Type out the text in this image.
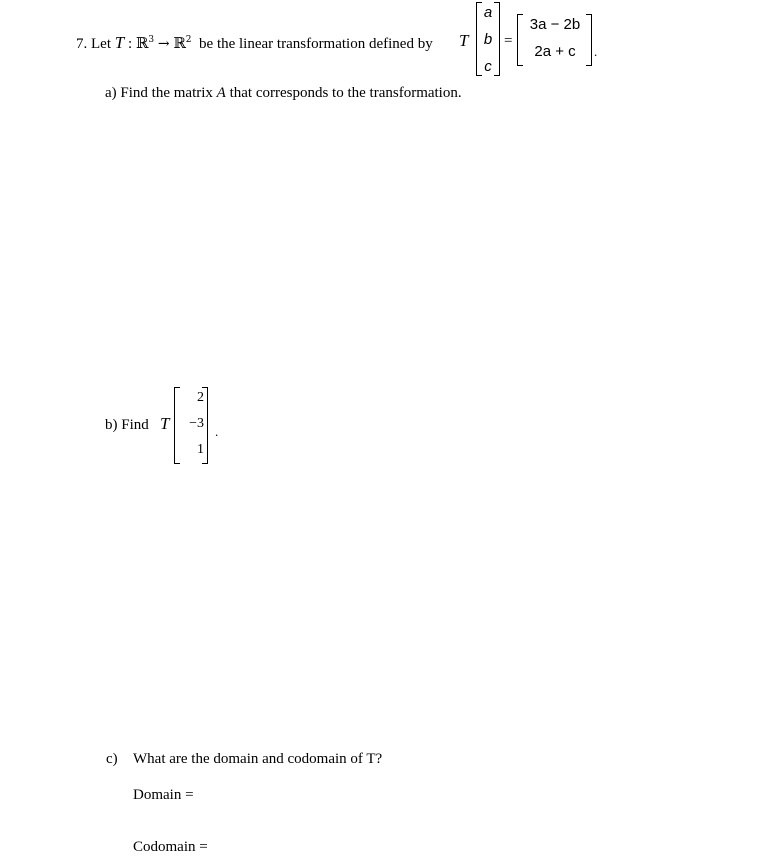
7. Let T : ℝ$^3$ → ℝ$^2$ be the linear transformation defined by T
a
b
c
=
3a − 2b
2a + c	.
a) Find the matrix A that corresponds to the transformation.
b) Find T
2
−3
1
.
c) What are the domain and codomain of T?
Domain =
Codomain =
